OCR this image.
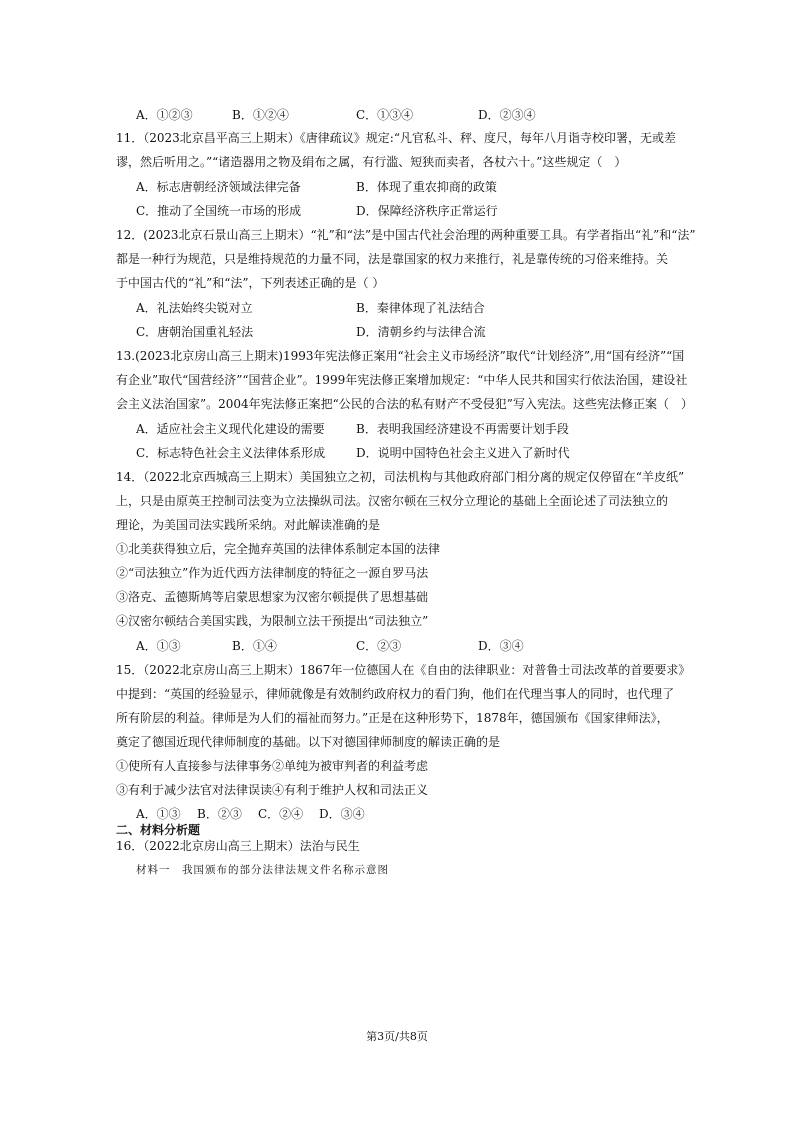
A．①②③	B．①②④	C．①③④	D．②③④
11．（2023北京昌平高三上期末）《唐律疏议》规定:“凡官私斗、秤、度尺，每年八月诣寺校印署，无或差
谬，然后听用之。”“诸造器用之物及绢布之属，有行滥、短狭而卖者，各杖六十。”这些规定（　）
A．标志唐朝经济领域法律完备	B．体现了重农抑商的政策
C．推动了全国统一市场的形成	D．保障经济秩序正常运行
12．(2023北京石景山高三上期末）“礼”和“法”是中国古代社会治理的两种重要工具。有学者指出“礼”和“法”
都是一种行为规范，只是维持规范的力量不同，法是靠国家的权力来推行，礼是靠传统的习俗来维持。关
于中国古代的“礼”和“法”，下列表述正确的是（ ）
A．礼法始终尖锐对立	B．秦律体现了礼法结合
C．唐朝治国重礼轻法	D．清朝乡约与法律合流
13.(2023北京房山高三上期末)1993年宪法修正案用“社会主义市场经济”取代“计划经济”,用“国有经济”“国
有企业”取代“国营经济”“国营企业”。1999年宪法修正案增加规定：“中华人民共和国实行依法治国，建设社
会主义法治国家”。2004年宪法修正案把“公民的合法的私有财产不受侵犯”写入宪法。这些宪法修正案（　）
A．适应社会主义现代化建设的需要	B．表明我国经济建设不再需要计划手段
C．标志特色社会主义法律体系形成	D．说明中国特色社会主义进入了新时代
14．（2022北京西城高三上期末）美国独立之初，司法机构与其他政府部门相分离的规定仅停留在“羊皮纸”
上，只是由原英王控制司法变为立法操纵司法。汉密尔顿在三权分立理论的基础上全面论述了司法独立的
理论，为美国司法实践所采纳。对此解读准确的是
①北美获得独立后，完全抛弃英国的法律体系制定本国的法律
②“司法独立”作为近代西方法律制度的特征之一源自罗马法
③洛克、孟德斯鸠等启蒙思想家为汉密尔顿提供了思想基础
④汉密尔顿结合美国实践，为限制立法干预提出“司法独立”
A．①③	B．①④	C．②③	D．③④
15．（2022北京房山高三上期末）1867年一位德国人在《自由的法律职业：对普鲁士司法改革的首要要求》
中提到：“英国的经验显示，律师就像是有效制约政府权力的看门狗，他们在代理当事人的同时，也代理了
所有阶层的利益。律师是为人们的福祉而努力。”正是在这种形势下，1878年，德国颁布《国家律师法》，
奠定了德国近现代律师制度的基础。以下对德国律师制度的解读正确的是
①使所有人直接参与法律事务②单纯为被审判者的利益考虑
③有利于减少法官对法律误读④有利于维护人权和司法正义
A．①③ B．②③ C．②④ D．③④
二、材料分析题
16．（2022北京房山高三上期末）法治与民生
材料一　我国颁布的部分法律法规文件名称示意图
第3页/共8页
